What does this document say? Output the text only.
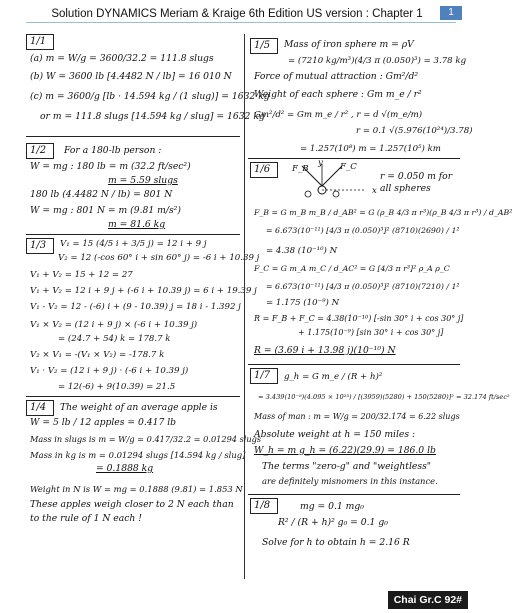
Solution DYNAMICS Meriam & Kraige 6th Edition US version : Chapter 1	1
1/1
(a) m = W/g = 3600/32.2 = 111.8 slugs
(b) W = 3600 lb [4.4482 N / lb] = 16 010 N
(c) m = 3600/g [lb · 14.594 kg / (1 slug)] = 1632 kg
or m = 111.8 slugs [14.594 kg / slug] = 1632 kg
1/2 For a 180-lb person :
W = mg : 180 lb = m (32.2 ft/sec²)
m = 5.59 slugs
180 lb (4.4482 N / lb) = 801 N
W = mg : 801 N = m (9.81 m/s²)
m = 81.6 kg
1/3 V₁ = 15 (4/5 i + 3/5 j) = 12 i + 9 j
V₂ = 12 (-cos 60° i + sin 60° j) = -6 i + 10.39 j
V₁ + V₂ = 15 + 12 = 27
V₁ + V₂ = 12 i + 9 j + (-6 i + 10.39 j) = 6 i + 19.39 j
V₁ - V₂ = 12 - (-6) i + (9 - 10.39) j = 18 i - 1.392 j
V₁ × V₂ = (12 i + 9 j) × (-6 i + 10.39 j)
= (24.7 + 54) k = 178.7 k
V₂ × V₁ = -(V₁ × V₂) = -178.7 k
V₁ · V₂ = (12 i + 9 j) · (-6 i + 10.39 j)
= 12(-6) + 9(10.39) = 21.5
1/4 The weight of an average apple is
W = 5 lb / 12 apples = 0.417 lb
Mass in slugs is m = W/g = 0.417/32.2 = 0.01294 slugs
Mass in kg is m = 0.01294 slugs [14.594 kg / slug]
= 0.1888 kg
Weight in N is W = mg = 0.1888 (9.81) = 1.853 N
These apples weigh closer to 2 N each than
to the rule of 1 N each !
1/5 Mass of iron sphere m = ρV
= (7210 kg/m³)(4/3 π (0.050)³) = 3.78 kg
Force of mutual attraction : Gm²/d²
Weight of each sphere : Gm m_e / r²
Gm²/d² = Gm m_e / r² , r = d √(m_e/m)
r = 0.1 √(5.976(10²⁴)/3.78)
= 1.257(10⁸) m = 1.257(10⁵) km
1/6	F_B	F_C
y
x
r = 0.050 m for
all spheres
F_B = G m_B m_B / d_AB² = G (ρ_B 4/3 π r³)(ρ_B 4/3 π r³) / d_AB²
= 6.673(10⁻¹¹) [4/3 π (0.050)³]² (8710)(2690) / 1²
= 4.38 (10⁻¹⁰) N
F_C = G m_A m_C / d_AC² = G [4/3 π r³]² ρ_A ρ_C
= 6.673(10⁻¹¹) [4/3 π (0.050)³]² (8710)(7210) / 1²
= 1.175 (10⁻⁹) N
R = F_B + F_C = 4.38(10⁻¹⁰) [-sin 30° i + cos 30° j]
+ 1.175(10⁻⁹) [sin 30° i + cos 30° j]
R = (3.69 i + 13.98 j)(10⁻¹⁰) N
1/7 g_h = G m_e / (R + h)²
= 3.439(10⁻⁸)(4.095 × 10²³) / [(3959)(5280) + 150(5280)]² = 32.174 ft/sec²
Mass of man : m = W/g = 200/32.174 = 6.22 slugs
Absolute weight at h = 150 miles :
W_h = m g_h = (6.22)(29.9) = 186.0 lb
The terms "zero-g" and "weightless"
are definitely misnomers in this instance.
1/8	mg = 0.1 mg₀
R² / (R + h)² g₀ = 0.1 g₀
Solve for h to obtain h = 2.16 R
Chai Gr.C 92#
